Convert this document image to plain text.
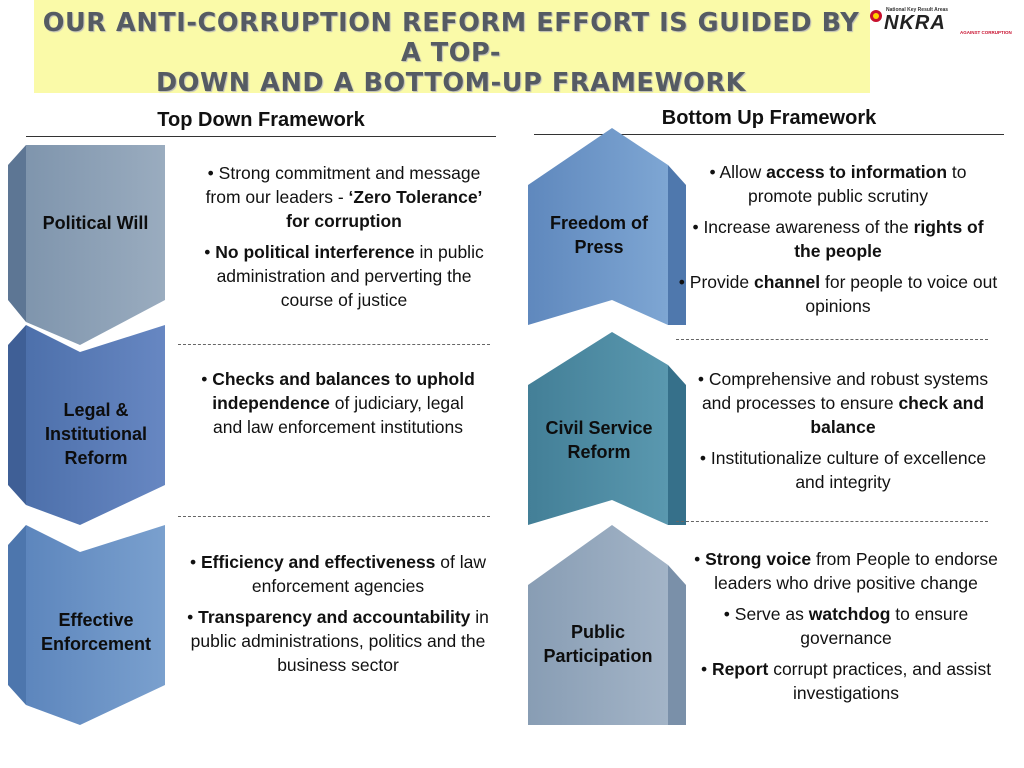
OUR ANTI-CORRUPTION REFORM EFFORT IS GUIDED BY A TOP-
DOWN AND A BOTTOM-UP FRAMEWORK
National Key Result Areas
NKRA	AGAINST CORRUPTION
Top Down Framework	Bottom Up Framework
Political Will
Legal & Institutional Reform
Effective Enforcement
Freedom of Press
Civil Service Reform
Public Participation
• Strong commitment and message from our leaders - ‘Zero Tolerance’ for corruption
• No political interference in public administration and perverting the course of justice
• Checks and balances to uphold independence of judiciary, legal and law enforcement institutions
• Efficiency and effectiveness of law enforcement agencies
• Transparency and accountability in public administrations, politics and the business sector
• Allow access to information to promote public scrutiny
• Increase awareness of the rights of the people
• Provide channel for people to voice out opinions
• Comprehensive and robust systems and processes to ensure check and balance
• Institutionalize culture of excellence and integrity
• Strong voice from People to endorse leaders who drive positive change
• Serve as watchdog to ensure governance
• Report corrupt practices, and assist investigations
